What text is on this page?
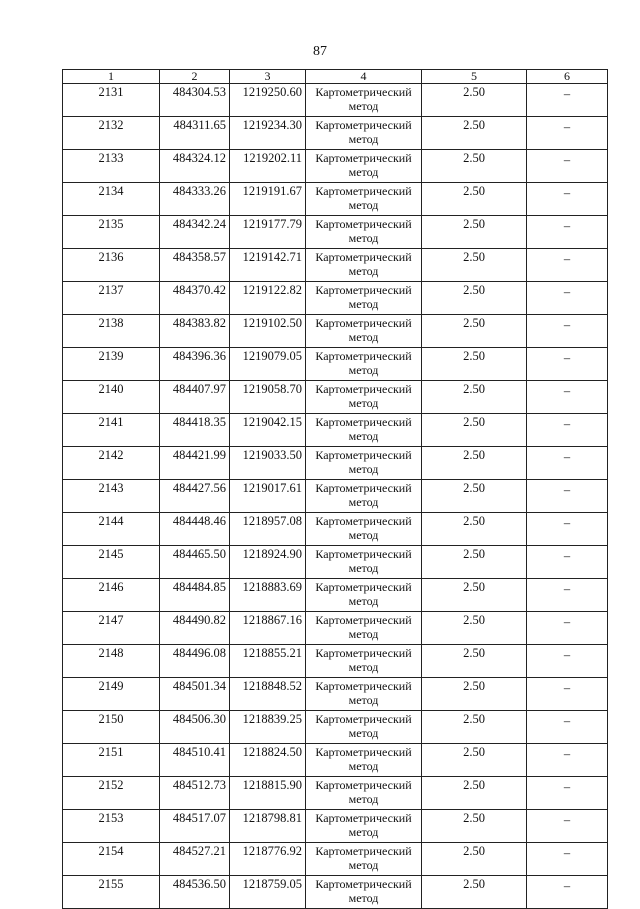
87
1	2	3	4	5	6
2131	484304.53	1219250.60	Картометрический метод	2.50	–
2132	484311.65	1219234.30	Картометрический метод	2.50	–
2133	484324.12	1219202.11	Картометрический метод	2.50	–
2134	484333.26	1219191.67	Картометрический метод	2.50	–
2135	484342.24	1219177.79	Картометрический метод	2.50	–
2136	484358.57	1219142.71	Картометрический метод	2.50	–
2137	484370.42	1219122.82	Картометрический метод	2.50	–
2138	484383.82	1219102.50	Картометрический метод	2.50	–
2139	484396.36	1219079.05	Картометрический метод	2.50	–
2140	484407.97	1219058.70	Картометрический метод	2.50	–
2141	484418.35	1219042.15	Картометрический метод	2.50	–
2142	484421.99	1219033.50	Картометрический метод	2.50	–
2143	484427.56	1219017.61	Картометрический метод	2.50	–
2144	484448.46	1218957.08	Картометрический метод	2.50	–
2145	484465.50	1218924.90	Картометрический метод	2.50	–
2146	484484.85	1218883.69	Картометрический метод	2.50	–
2147	484490.82	1218867.16	Картометрический метод	2.50	–
2148	484496.08	1218855.21	Картометрический метод	2.50	–
2149	484501.34	1218848.52	Картометрический метод	2.50	–
2150	484506.30	1218839.25	Картометрический метод	2.50	–
2151	484510.41	1218824.50	Картометрический метод	2.50	–
2152	484512.73	1218815.90	Картометрический метод	2.50	–
2153	484517.07	1218798.81	Картометрический метод	2.50	–
2154	484527.21	1218776.92	Картометрический метод	2.50	–
2155	484536.50	1218759.05	Картометрический метод	2.50	–
